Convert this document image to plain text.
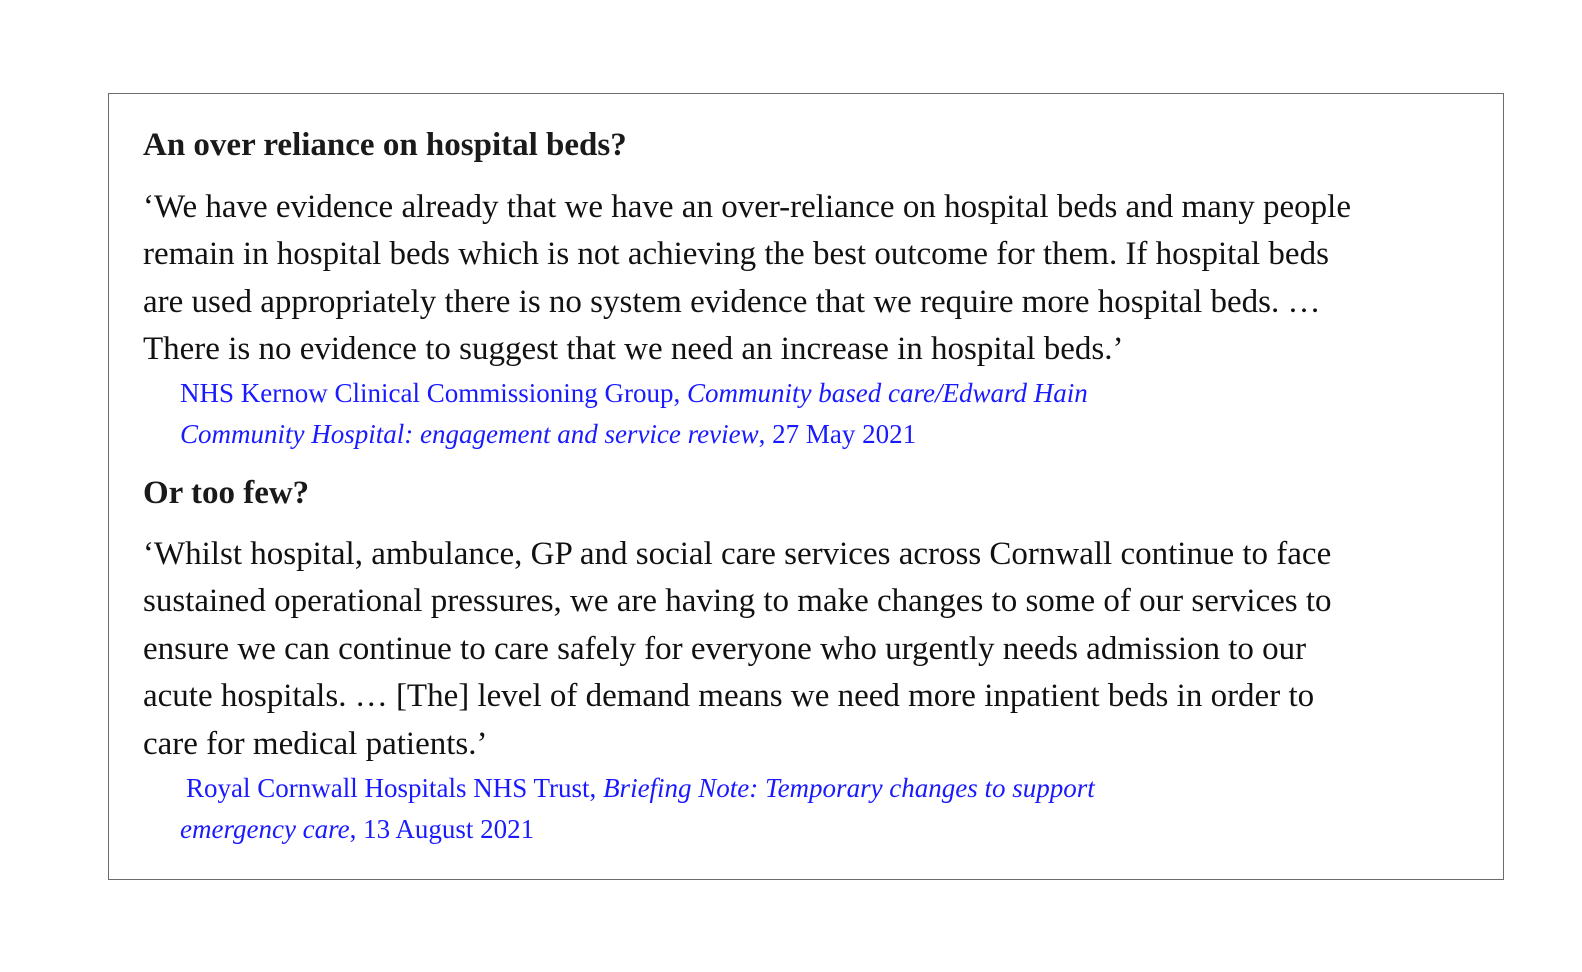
An over reliance on hospital beds?

‘We have evidence already that we have an over-reliance on hospital beds and many people
remain in hospital beds which is not achieving the best outcome for them. If hospital beds
are used appropriately there is no system evidence that we require more hospital beds. …
There is no evidence to suggest that we need an increase in hospital beds.’

NHS Kernow Clinical Commissioning Group, Community based care/Edward Hain
Community Hospital: engagement and service review, 27 May 2021

Or too few?

‘Whilst hospital, ambulance, GP and social care services across Cornwall continue to face
sustained operational pressures, we are having to make changes to some of our services to
ensure we can continue to care safely for everyone who urgently needs admission to our
acute hospitals. … [The] level of demand means we need more inpatient beds in order to
care for medical patients.’

Royal Cornwall Hospitals NHS Trust, Briefing Note: Temporary changes to support
emergency care, 13 August 2021
